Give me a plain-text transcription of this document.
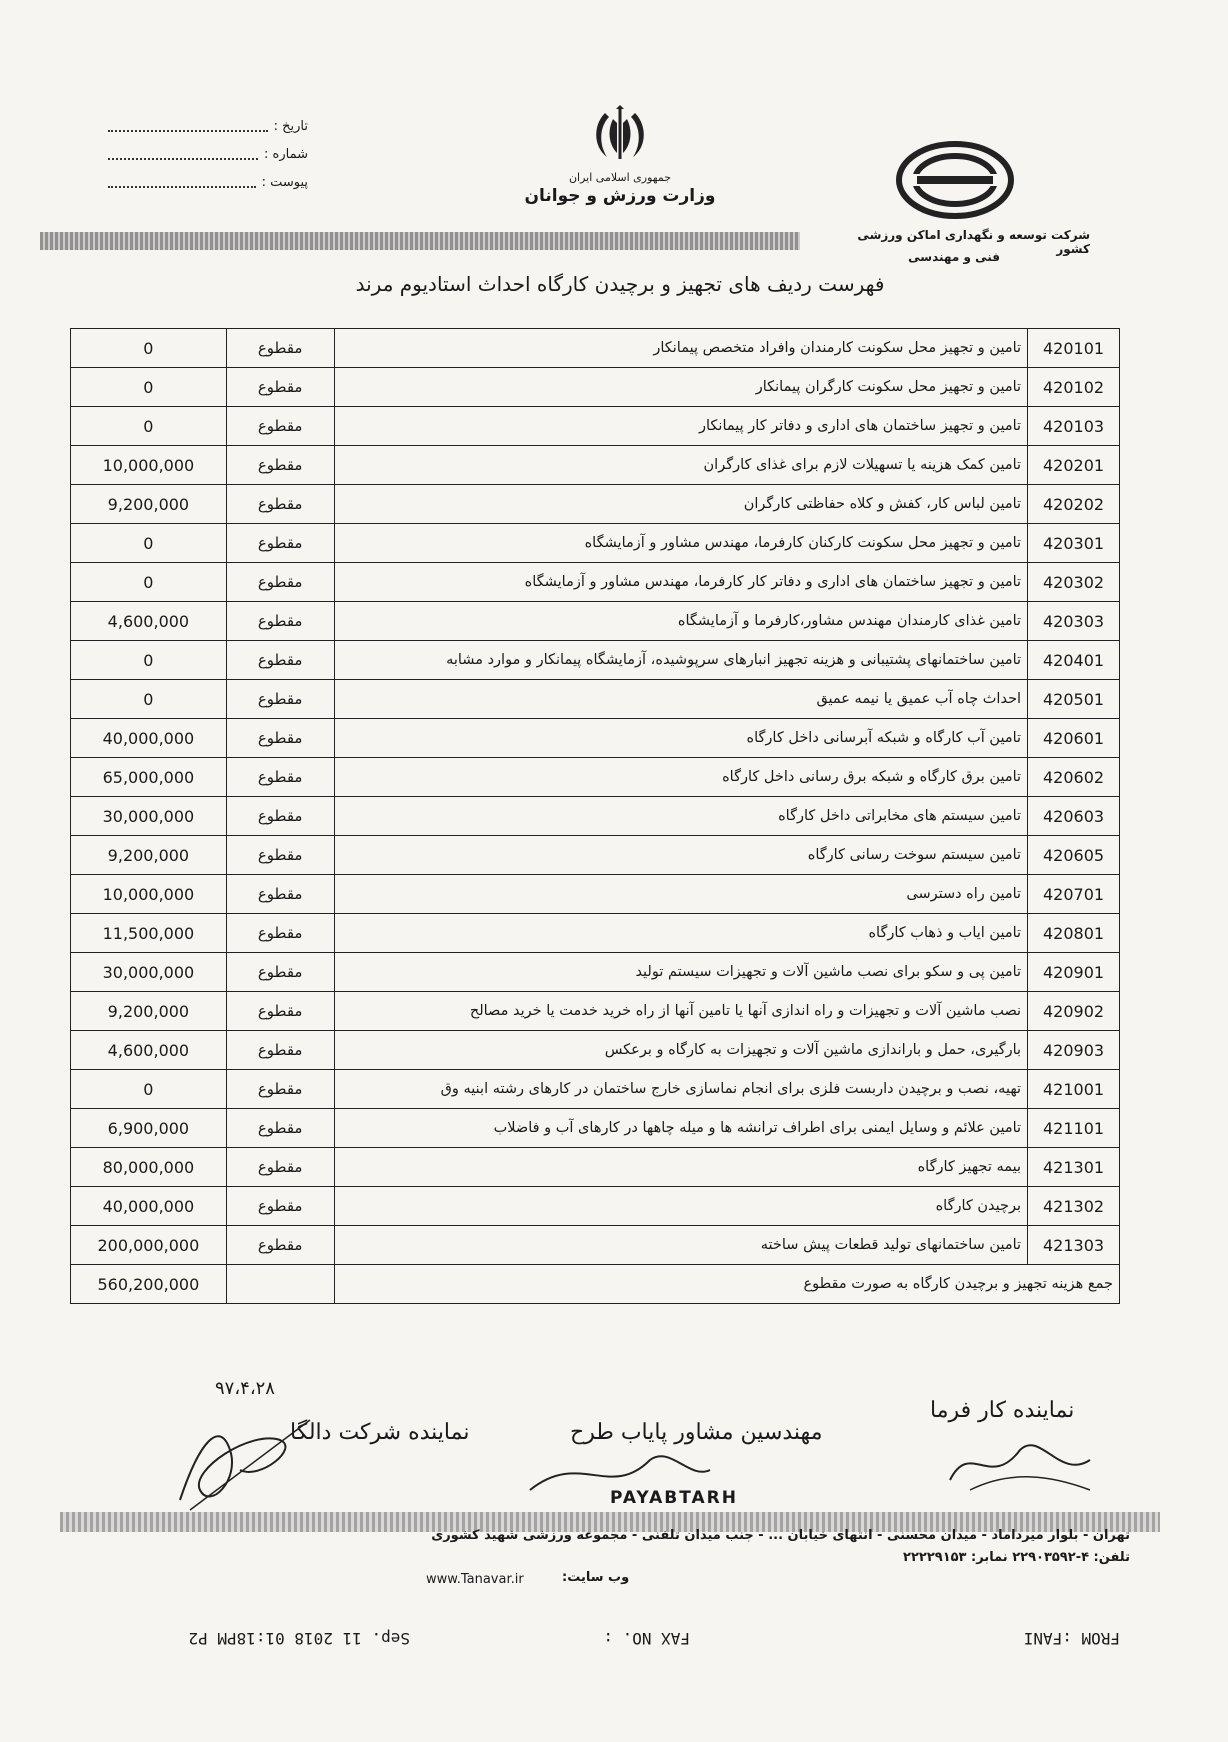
تاریخ :
شماره :
پیوست :	جمهوری اسلامی ایران
وزارت ورزش و جوانان
شرکت توسعه و نگهداری اماکن ورزشی کشور
فنی و مهندسی
فهرست ردیف های تجهیز و برچیدن کارگاه احداث استادیوم مرند
0	مقطوع	تامین و تجهیز محل سکونت کارمندان وافراد متخصص پیمانکار	420101
0	مقطوع	تامین و تجهیز محل سکونت کارگران پیمانکار	420102
0	مقطوع	تامین و تجهیز ساختمان های اداری و دفاتر کار پیمانکار	420103
10,000,000	مقطوع	تامین کمک هزینه یا تسهیلات لازم برای غذای کارگران	420201
9,200,000	مقطوع	تامین لباس کار، کفش و کلاه حفاظتی کارگران	420202
0	مقطوع	تامین و تجهیز محل سکونت کارکنان کارفرما، مهندس مشاور و آزمایشگاه	420301
0	مقطوع	تامین و تجهیز ساختمان های اداری و دفاتر کار کارفرما، مهندس مشاور و آزمایشگاه	420302
4,600,000	مقطوع	تامین غذای کارمندان مهندس مشاور،کارفرما و آزمایشگاه	420303
0	مقطوع	تامین ساختمانهای پشتیبانی و هزینه تجهیز انبارهای سرپوشیده، آزمایشگاه پیمانکار و موارد مشابه	420401
0	مقطوع	احداث چاه آب عمیق یا نیمه عمیق	420501
40,000,000	مقطوع	تامین آب کارگاه و شبکه آبرسانی داخل کارگاه	420601
65,000,000	مقطوع	تامین برق کارگاه و شبکه برق رسانی داخل کارگاه	420602
30,000,000	مقطوع	تامین سیستم های مخابراتی داخل کارگاه	420603
9,200,000	مقطوع	تامین سیستم سوخت رسانی کارگاه	420605
10,000,000	مقطوع	تامین راه دسترسی	420701
11,500,000	مقطوع	تامین ایاب و ذهاب کارگاه	420801
30,000,000	مقطوع	تامین پی و سکو برای نصب ماشین آلات و تجهیزات سیستم تولید	420901
9,200,000	مقطوع	نصب ماشین آلات و تجهیزات و راه اندازی آنها یا تامین آنها از راه خرید خدمت یا خرید مصالح	420902
4,600,000	مقطوع	بارگیری، حمل و باراندازی ماشین آلات و تجهیزات به کارگاه و برعکس	420903
0	مقطوع	تهیه، نصب و برچیدن داربست فلزی برای انجام نماسازی خارج ساختمان در کارهای رشته ابنیه وق	421001
6,900,000	مقطوع	تامین علائم و وسایل ایمنی برای اطراف ترانشه ها و میله چاهها در کارهای آب و فاضلاب	421101
80,000,000	مقطوع	بیمه تجهیز کارگاه	421301
40,000,000	مقطوع	برچیدن کارگاه	421302
200,000,000	مقطوع	تامین ساختمانهای تولید قطعات پیش ساخته	421303
560,200,000		جمع هزینه تجهیز و برچیدن کارگاه به صورت مقطوع	
نماینده کار فرما
مهندسین مشاور پایاب طرح
نماینده شرکت دالگا
۹۷،۴،۲۸
PAYABTARH
تهران - بلوار میرداماد - میدان محسنی - انتهای خیابان ... - جنب میدان تلفنی - مجموعه ورزشی شهید کشوری
تلفن: ۴-۲۲۹۰۳۵۹۲ نمابر: ۲۲۲۲۹۱۵۳
وب سایت:
www.Tanavar.ir
FROM :FANI
FAX NO. :
Sep. 11 2018 01:18PM P2
